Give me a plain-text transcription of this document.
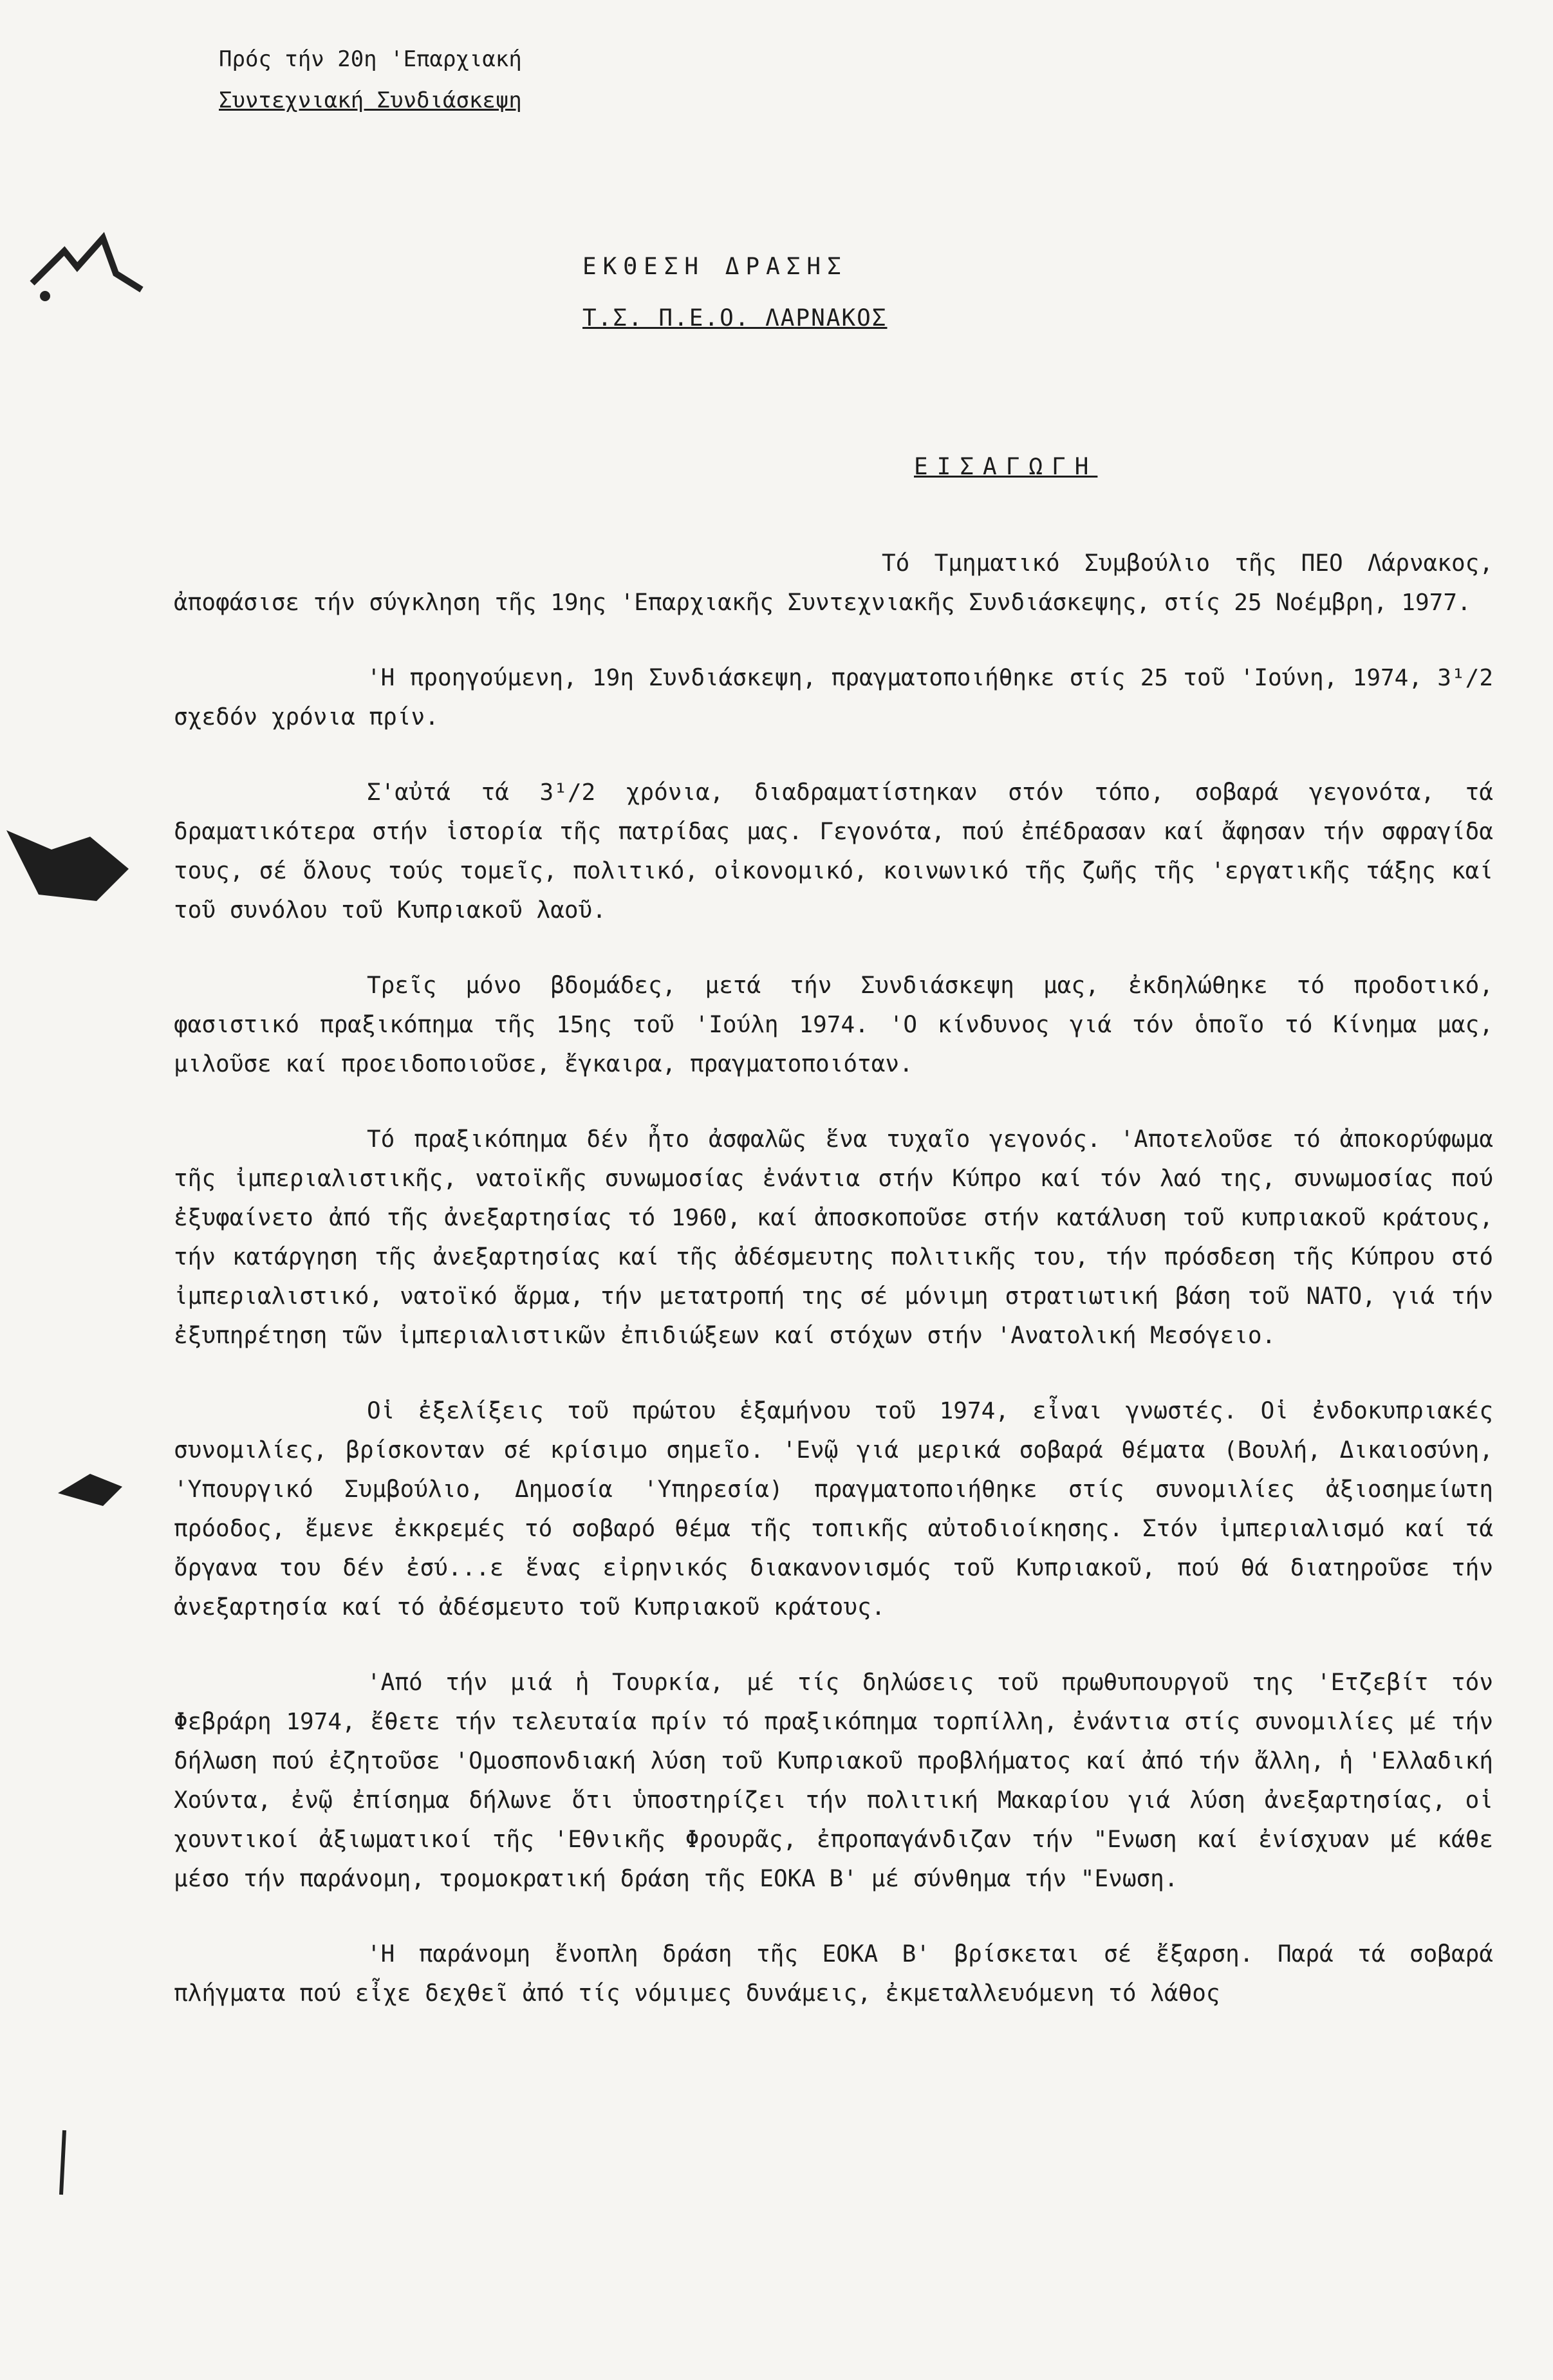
Πρός τήν 20η 'Επαρχιακή
Συντεχνιακή Συνδιάσκεψη
ΕΚΘΕΣΗ ΔΡΑΣΗΣ
Τ.Σ. Π.Ε.Ο. ΛΑΡΝΑΚΟΣ
ΕΙΣΑΓΩΓΗ

Τό Τμηματικό Συμβούλιο τῆς ΠΕΟ Λάρνακος, ἀποφάσισε τήν σύγκληση τῆς 19ης 'Επαρχιακῆς Συντεχνιακῆς Συνδιάσκεψης, στίς 25 Νοέμβρη, 1977.

'Η προηγούμενη, 19η Συνδιάσκεψη, πραγματοποιήθηκε στίς 25 τοῦ 'Ιούνη, 1974, 3¹/2 σχεδόν χρόνια πρίν.

Σ'αὐτά τά 3¹/2 χρόνια, διαδραματίστηκαν στόν τόπο, σοβαρά γεγονότα, τά δραματικότερα στήν ἱστορία τῆς πατρίδας μας. Γεγονότα, πού ἐπέδρασαν καί ἄφησαν τήν σφραγίδα τους, σέ ὅλους τούς τομεῖς, πολιτικό, οἰκονομικό, κοινωνικό τῆς ζωῆς τῆς 'εργατικῆς τάξης καί τοῦ συνόλου τοῦ Κυπριακοῦ λαοῦ.

Τρεῖς μόνο βδομάδες, μετά τήν Συνδιάσκεψη μας, ἐκδηλώθηκε τό προδοτικό, φασιστικό πραξικόπημα τῆς 15ης τοῦ 'Ιούλη 1974. 'Ο κίνδυνος γιά τόν ὁποῖο τό Κίνημα μας, μιλοῦσε καί προειδοποιοῦσε, ἔγκαιρα, πραγματοποιόταν.

Τό πραξικόπημα δέν ἦτο ἀσφαλῶς ἕνα τυχαῖο γεγονός. 'Αποτελοῦσε τό ἀποκορύφωμα τῆς ἰμπεριαλιστικῆς, νατοϊκῆς συνωμοσίας ἐνάντια στήν Κύπρο καί τόν λαό της, συνωμοσίας πού ἐξυφαίνετο ἀπό τῆς ἀνεξαρτησίας τό 1960, καί ἀποσκοποῦσε στήν κατάλυση τοῦ κυπριακοῦ κράτους, τήν κατάργηση τῆς ἀνεξαρτησίας καί τῆς ἀδέσμευτης πολιτικῆς του, τήν πρόσδεση τῆς Κύπρου στό ἰμπεριαλιστικό, νατοϊκό ἅρμα, τήν μετατροπή της σέ μόνιμη στρατιωτική βάση τοῦ ΝΑΤΟ, γιά τήν ἐξυπηρέτηση τῶν ἰμπεριαλιστικῶν ἐπιδιώξεων καί στόχων στήν 'Ανατολική Μεσόγειο.

Οἱ ἐξελίξεις τοῦ πρώτου ἑξαμήνου τοῦ 1974, εἶναι γνωστές. Οἱ ἐνδοκυπριακές συνομιλίες, βρίσκονταν σέ κρίσιμο σημεῖο. 'Ενῷ γιά μερικά σοβαρά θέματα (Βουλή, Δικαιοσύνη, 'Υπουργικό Συμβούλιο, Δημοσία 'Υπηρεσία) πραγματοποιήθηκε στίς συνομιλίες ἀξιοσημείωτη πρόοδος, ἔμενε ἐκκρεμές τό σοβαρό θέμα τῆς τοπικῆς αὐτοδιοίκησης. Στόν ἰμπεριαλισμό καί τά ὄργανα του δέν ἐσύ...ε ἕνας εἰρηνικός διακανονισμός τοῦ Κυπριακοῦ, πού θά διατηροῦσε τήν ἀνεξαρτησία καί τό ἀδέσμευτο τοῦ Κυπριακοῦ κράτους.

'Από τήν μιά ἡ Τουρκία, μέ τίς δηλώσεις τοῦ πρωθυπουργοῦ της 'Ετζεβίτ τόν Φεβράρη 1974, ἔθετε τήν τελευταία πρίν τό πραξικόπημα τορπίλλη, ἐνάντια στίς συνομιλίες μέ τήν δήλωση πού ἐζητοῦσε 'Ομοσπονδιακή λύση τοῦ Κυπριακοῦ προβλήματος καί ἀπό τήν ἄλλη, ἡ 'Ελλαδική Χούντα, ἐνῷ ἐπίσημα δήλωνε ὅτι ὑποστηρίζει τήν πολιτική Μακαρίου γιά λύση ἀνεξαρτησίας, οἱ χουντικοί ἀξιωματικοί τῆς 'Εθνικῆς Φρουρᾶς, ἐπροπαγάνδιζαν τήν "Ενωση καί ἐνίσχυαν μέ κάθε μέσο τήν παράνομη, τρομοκρατική δράση τῆς ΕΟΚΑ Β' μέ σύνθημα τήν "Ενωση.

'Η παράνομη ἔνοπλη δράση τῆς ΕΟΚΑ Β' βρίσκεται σέ ἔξαρση. Παρά τά σοβαρά πλήγματα πού εἶχε δεχθεῖ ἀπό τίς νόμιμες δυνάμεις, ἐκμεταλλευόμενη τό λάθος
